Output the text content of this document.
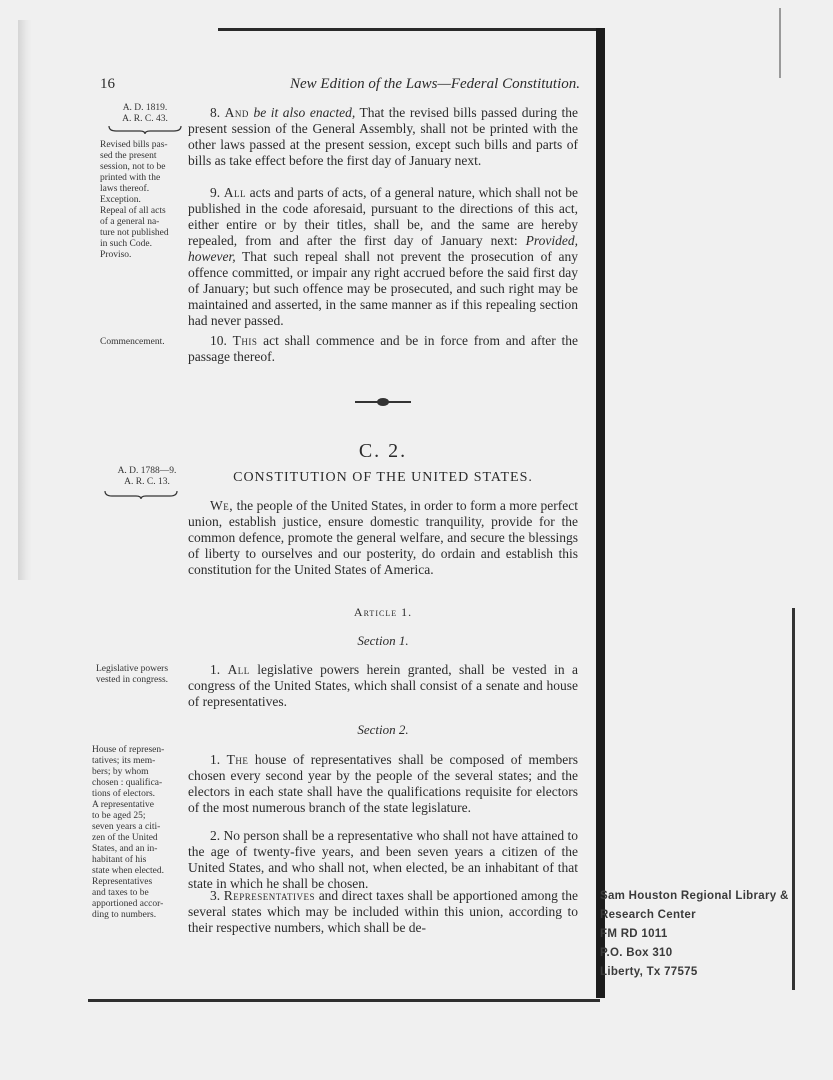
16	New Edition of the Laws—Federal Constitution.
A. D. 1819.
A. R. C. 43.
Revised bills pas-
sed the present
session, not to be
printed with the
laws thereof.
Exception.
Repeal of all acts
of a general na-
ture not published
in such Code.
Proviso.
Commencement.
A. D. 1788—9.
A. R. C. 13.
Legislative powers
vested in congress.
House of represen-
tatives; its mem-
bers; by whom
chosen : qualifica-
tions of electors.
A representative
to be aged 25;
seven years a citi-
zen of the United
States, and an in-
habitant of his
state when elected.
Representatives
and taxes to be
apportioned accor-
ding to numbers.

8. And be it also enacted, That the revised bills passed during the present session of the General Assembly, shall not be printed with the other laws passed at the present session, except such bills and parts of bills as take effect before the first day of January next.

9. All acts and parts of acts, of a general nature, which shall not be published in the code aforesaid, pursuant to the directions of this act, either entire or by their titles, shall be, and the same are hereby repealed, from and after the first day of January next: Provided, however, That such repeal shall not prevent the prosecution of any offence committed, or impair any right accrued before the said first day of January; but such offence may be prosecuted, and such right may be maintained and asserted, in the same manner as if this repealing section had never passed.

10. This act shall commence and be in force from and after the passage thereof.

C. 2.
CONSTITUTION OF THE UNITED STATES.

We, the people of the United States, in order to form a more perfect union, establish justice, ensure domestic tranquility, provide for the common defence, promote the general welfare, and secure the blessings of liberty to ourselves and our posterity, do ordain and establish this constitution for the United States of America.

Article 1.
Section 1.

1. All legislative powers herein granted, shall be vested in a congress of the United States, which shall consist of a senate and house of representatives.

Section 2.

1. The house of representatives shall be composed of members chosen every second year by the people of the several states; and the electors in each state shall have the qualifications requisite for electors of the most numerous branch of the state legislature.

2. No person shall be a representative who shall not have attained to the age of twenty-five years, and been seven years a citizen of the United States, and who shall not, when elected, be an inhabitant of that state in which he shall be chosen.

3. Representatives and direct taxes shall be apportioned among the several states which may be included within this union, according to their respective numbers, which shall be de-

Sam Houston Regional Library &
Research Center
FM RD 1011
P.O. Box 310
Liberty, Tx 77575
